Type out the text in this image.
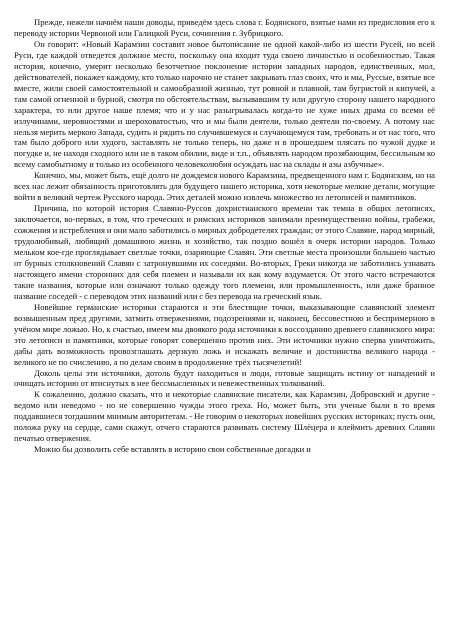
Прежде, нежели начнём наши доводы, приведём здесь слова г. Бодянского, взятые нами из предисловия его к переводу истории Червоной или Галицкой Руси, сочинения г. Зубрицкого.

Он говорит: «Новый Карамзин составит новое бытописание не одной какой-либо из шести Русей, но всей Руси, где каждой отведется должное место, поскольку она входит туда своею личностью и особенностью. Такая история, конечно, умерит несколько безотчетное поклонение истории западных народов, единственных, мол, действователей, покажет каждому, кто только нарочно не станет закрывать глаз своих, что и мы, Руссые, взятые все вместе, жили своей самостоятельной и самообразной жизнью, тут ровной и плавной, там бугристой и кипучей, а там самой огненной и бурной, смотря по обстоятельствам, вызывавшим ту или другую сторону нашего народного характера, то или другое наше племя; что и у нас разыгрывалась когда-то не хуже иных драма со всеми её излучинами, неровностями и шероховатостью, что и мы были деятели, только деятели по-своему. А потому нас нельзя мерить меркою Запада, судить и рядить по случившемуся и случающемуся там, требовать и от нас того, что там было доброго или худого, заставлять не только теперь, но даже и в прошедшем плясать по чужой дудке и погудке и, не находя сходного или не в таком обилии, виде и т.п., объявлять народом прозябающим, бессильным ко всему самобытному и только из особенного человеколюбия осуждать нас на склады и азы азбучные».

Конечно, мы, может быть, ещё долго не дождемся нового Карамзина, предвещенного нам г. Бодянским, но на всех нас лежит обязанность приготовлять для будущего нашего историка, хотя некоторые мелкие детали, могущие войти в великий чертеж Русского народа. Этих деталей можно извлечь множество из летописей и памятников.

Причина, по которой история Славяно-Руссов дохристианского времени так темна в общих летописях, заключается, во-первых, в том, что греческих и римских историков занимали преимущественно войны, грабежи, сожжения и истребления и они мало заботились о мирных добродетелях граждан; от этого Славяне, народ мирный, трудолюбивый, любящий домашнюю жизнь и хозяйство, так поздно вошёл в очерк истории народов. Только мельком кое-где проглядывает светлые точки, озаряющие Славян. Эти светлые места произошли большею частью от бурных столкновений Славян с затронувшими их соседями. Во-вторых, Греки никогда не заботились узнавать настоящего имени сторонних для себя племен и называли их как кому вздумается. От этого часто встречаются такие названия, которые или означают только одежду того племени, или промышленность, или даже бранное название соседей - с переводом этих названий или с без перевода на греческий язык.

Новейшие германские историки стараются и эти блестящие точки, выказывающие славянский элемент возвышенным пред другими, затмить отвержениями, подозрениями и, наконец, бессовестною и беспримерною в учёном мире ложью. Но, к счастью, имеем мы двоякого рода источники к воссозданию древнего славянского мира: это летописи и памятники, которые говорят совершенно против них. Эти источники нужно сперва уничтожить, дабы дать возможность провозглашать дерзкую ложь и искажать величие и достоинства великого народа - великого не по счислению, а по делам своим в продолжение трёх тысячелетий!

Доколь целы эти источники, дотоль будут находиться и люди, готовые защищать истину от нападений и очищать историю от втиснутых в нее бессмысленных и невежественных толкований.

К сожалению, должно сказать, что и некоторые славянские писатели, как Карамзин, Добровский и другие - ведомо или неведомо - но не совершенно чужды этого греха. Но, может быть, эти ученые были в то время поддавшиеся тогдашним мнимым авторитетам. - Не говорим о некоторых новейших русских историках; пусть они, положа руку на сердце, сами скажут, отчего стараются развивать систему Шлёцера и клеймить древних Славян печатью отвержения.

Можно бы дозволить себе вставлять в историю свои собственные догадки и
